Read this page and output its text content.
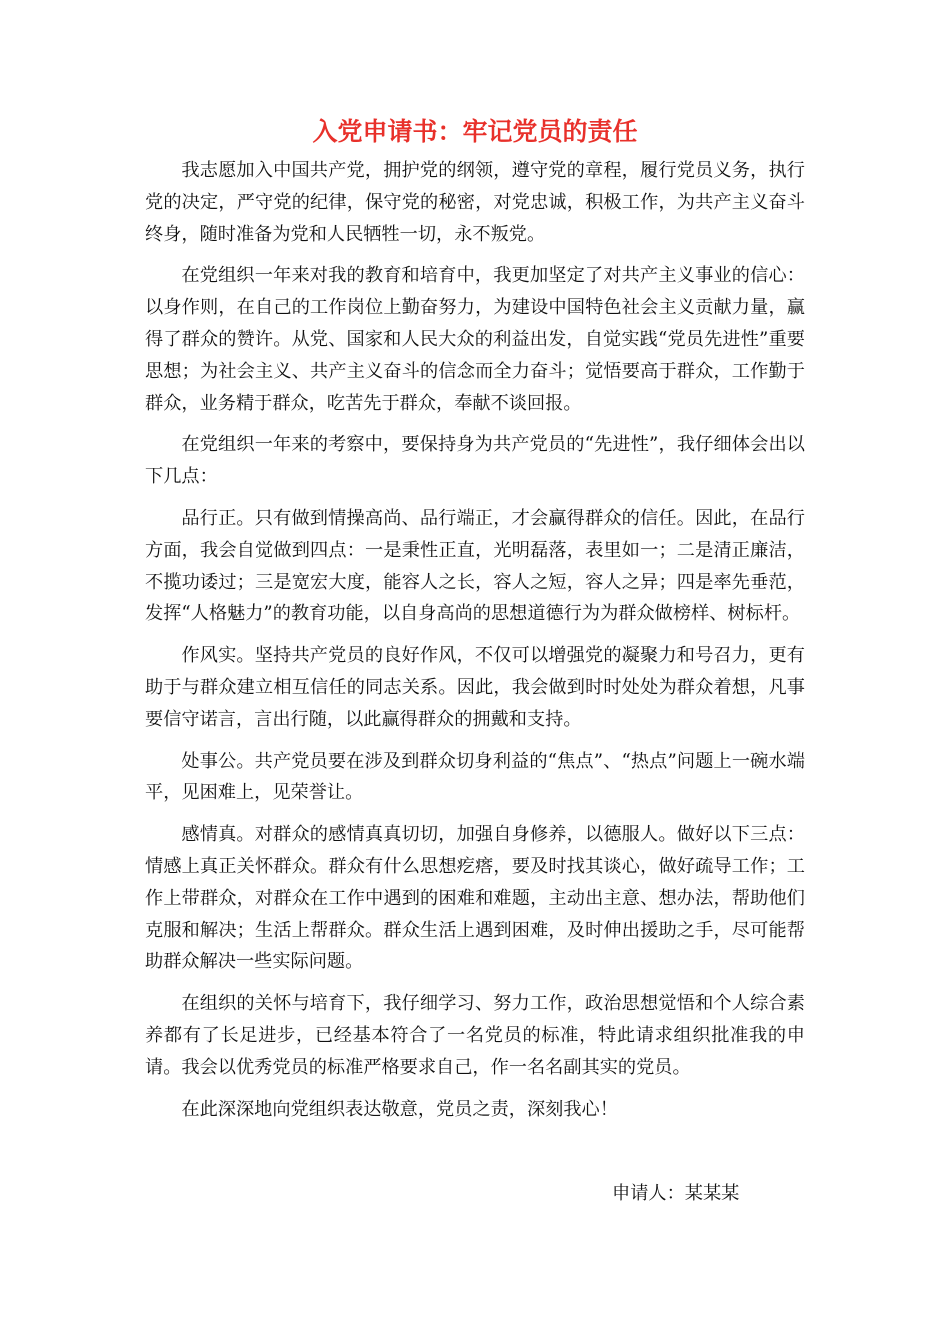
入党申请书：牢记党员的责任

我志愿加入中国共产党，拥护党的纲领，遵守党的章程，履行党员义务，执行党的决定，严守党的纪律，保守党的秘密，对党忠诚，积极工作，为共产主义奋斗终身，随时准备为党和人民牺牲一切，永不叛党。

在党组织一年来对我的教育和培育中，我更加坚定了对共产主义事业的信心：以身作则，在自己的工作岗位上勤奋努力，为建设中国特色社会主义贡献力量，赢得了群众的赞许。从党、国家和人民大众的利益出发，自觉实践“党员先进性”重要思想；为社会主义、共产主义奋斗的信念而全力奋斗；觉悟要高于群众，工作勤于群众，业务精于群众，吃苦先于群众，奉献不谈回报。

在党组织一年来的考察中，要保持身为共产党员的“先进性”，我仔细体会出以下几点：

品行正。只有做到情操高尚、品行端正，才会赢得群众的信任。因此，在品行方面，我会自觉做到四点：一是秉性正直，光明磊落，表里如一；二是清正廉洁，不揽功诿过；三是宽宏大度，能容人之长，容人之短，容人之异；四是率先垂范，发挥“人格魅力”的教育功能，以自身高尚的思想道德行为为群众做榜样、树标杆。

作风实。坚持共产党员的良好作风，不仅可以增强党的凝聚力和号召力，更有助于与群众建立相互信任的同志关系。因此，我会做到时时处处为群众着想，凡事要信守诺言，言出行随，以此赢得群众的拥戴和支持。

处事公。共产党员要在涉及到群众切身利益的“焦点”、“热点”问题上一碗水端平，见困难上，见荣誉让。

感情真。对群众的感情真真切切，加强自身修养，以德服人。做好以下三点：情感上真正关怀群众。群众有什么思想疙瘩，要及时找其谈心，做好疏导工作；工作上带群众，对群众在工作中遇到的困难和难题，主动出主意、想办法，帮助他们克服和解决；生活上帮群众。群众生活上遇到困难，及时伸出援助之手，尽可能帮助群众解决一些实际问题。

在组织的关怀与培育下，我仔细学习、努力工作，政治思想觉悟和个人综合素养都有了长足进步，已经基本符合了一名党员的标准，特此请求组织批准我的申请。我会以优秀党员的标准严格要求自己，作一名名副其实的党员。

在此深深地向党组织表达敬意，党员之责，深刻我心！

申请人：某某某
